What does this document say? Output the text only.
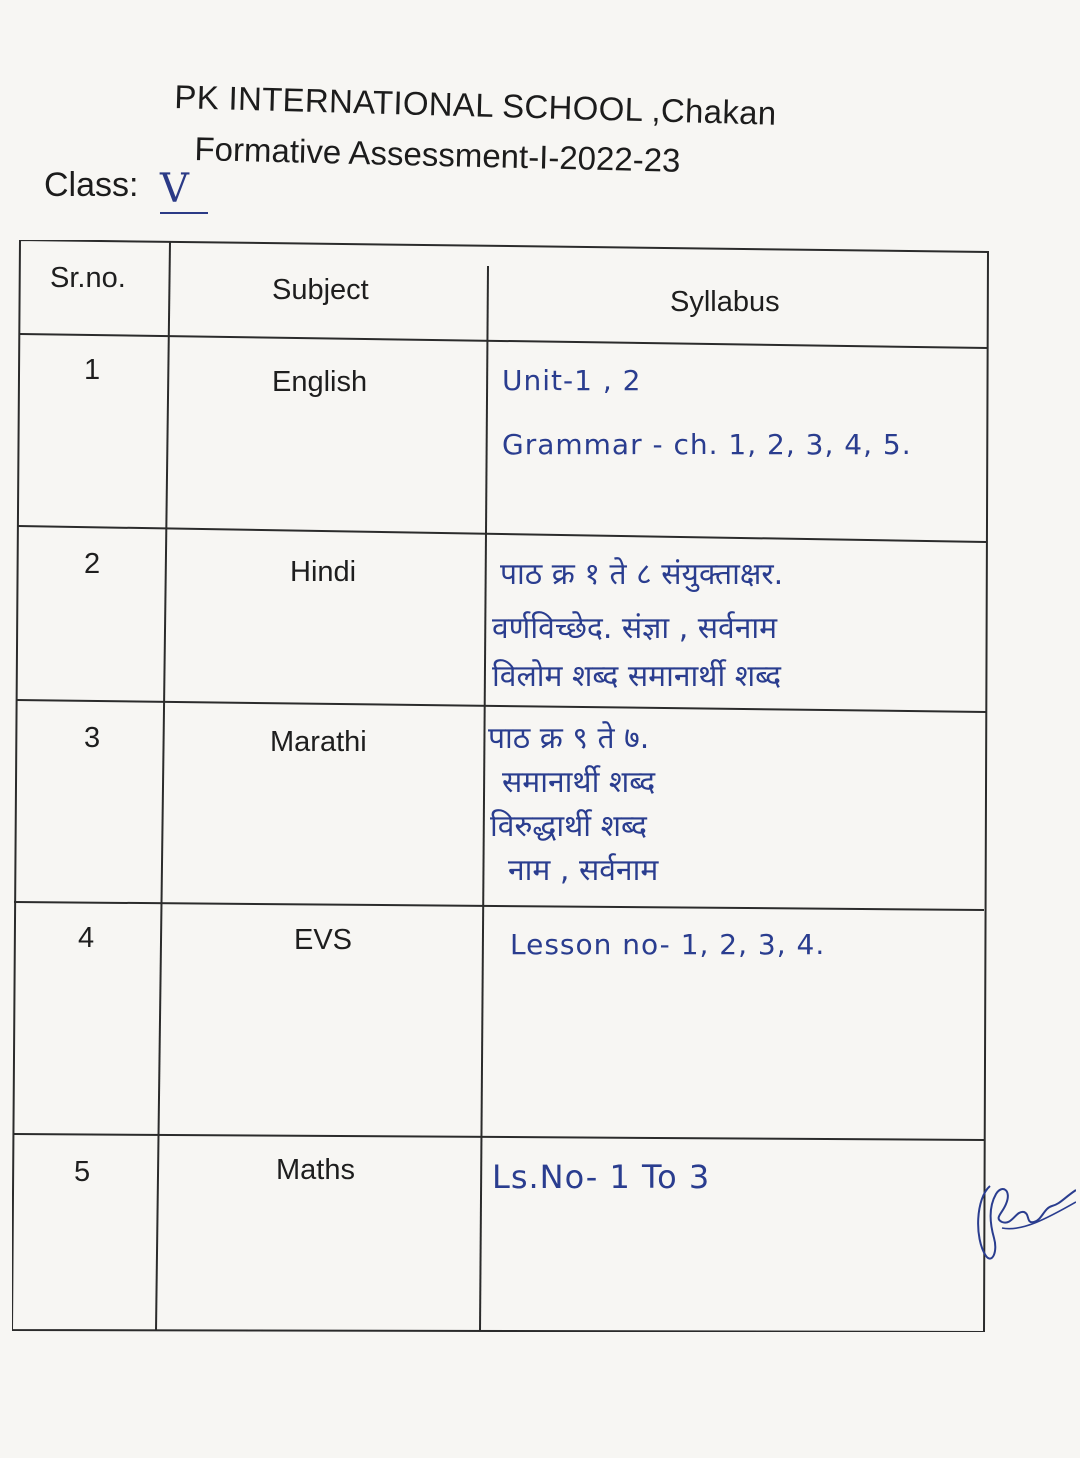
PK INTERNATIONAL SCHOOL ,Chakan
Formative Assessment-I-2022-23
Class: V
Sr.no.	Subject	Syllabus
1	English	Unit-1 , 2
Grammar - ch. 1, 2, 3, 4, 5.
2	Hindi	पाठ क्र १ ते ८ संयुक्ताक्षर.
वर्णविच्छेद. संज्ञा , सर्वनाम
विलोम शब्द समानार्थी शब्द
3	Marathi	पाठ क्र ९ ते ७.
समानार्थी शब्द
विरुद्धार्थी शब्द
नाम , सर्वनाम
4	EVS	Lesson no- 1, 2, 3, 4.
5	Maths	Ls.No- 1 To 3
